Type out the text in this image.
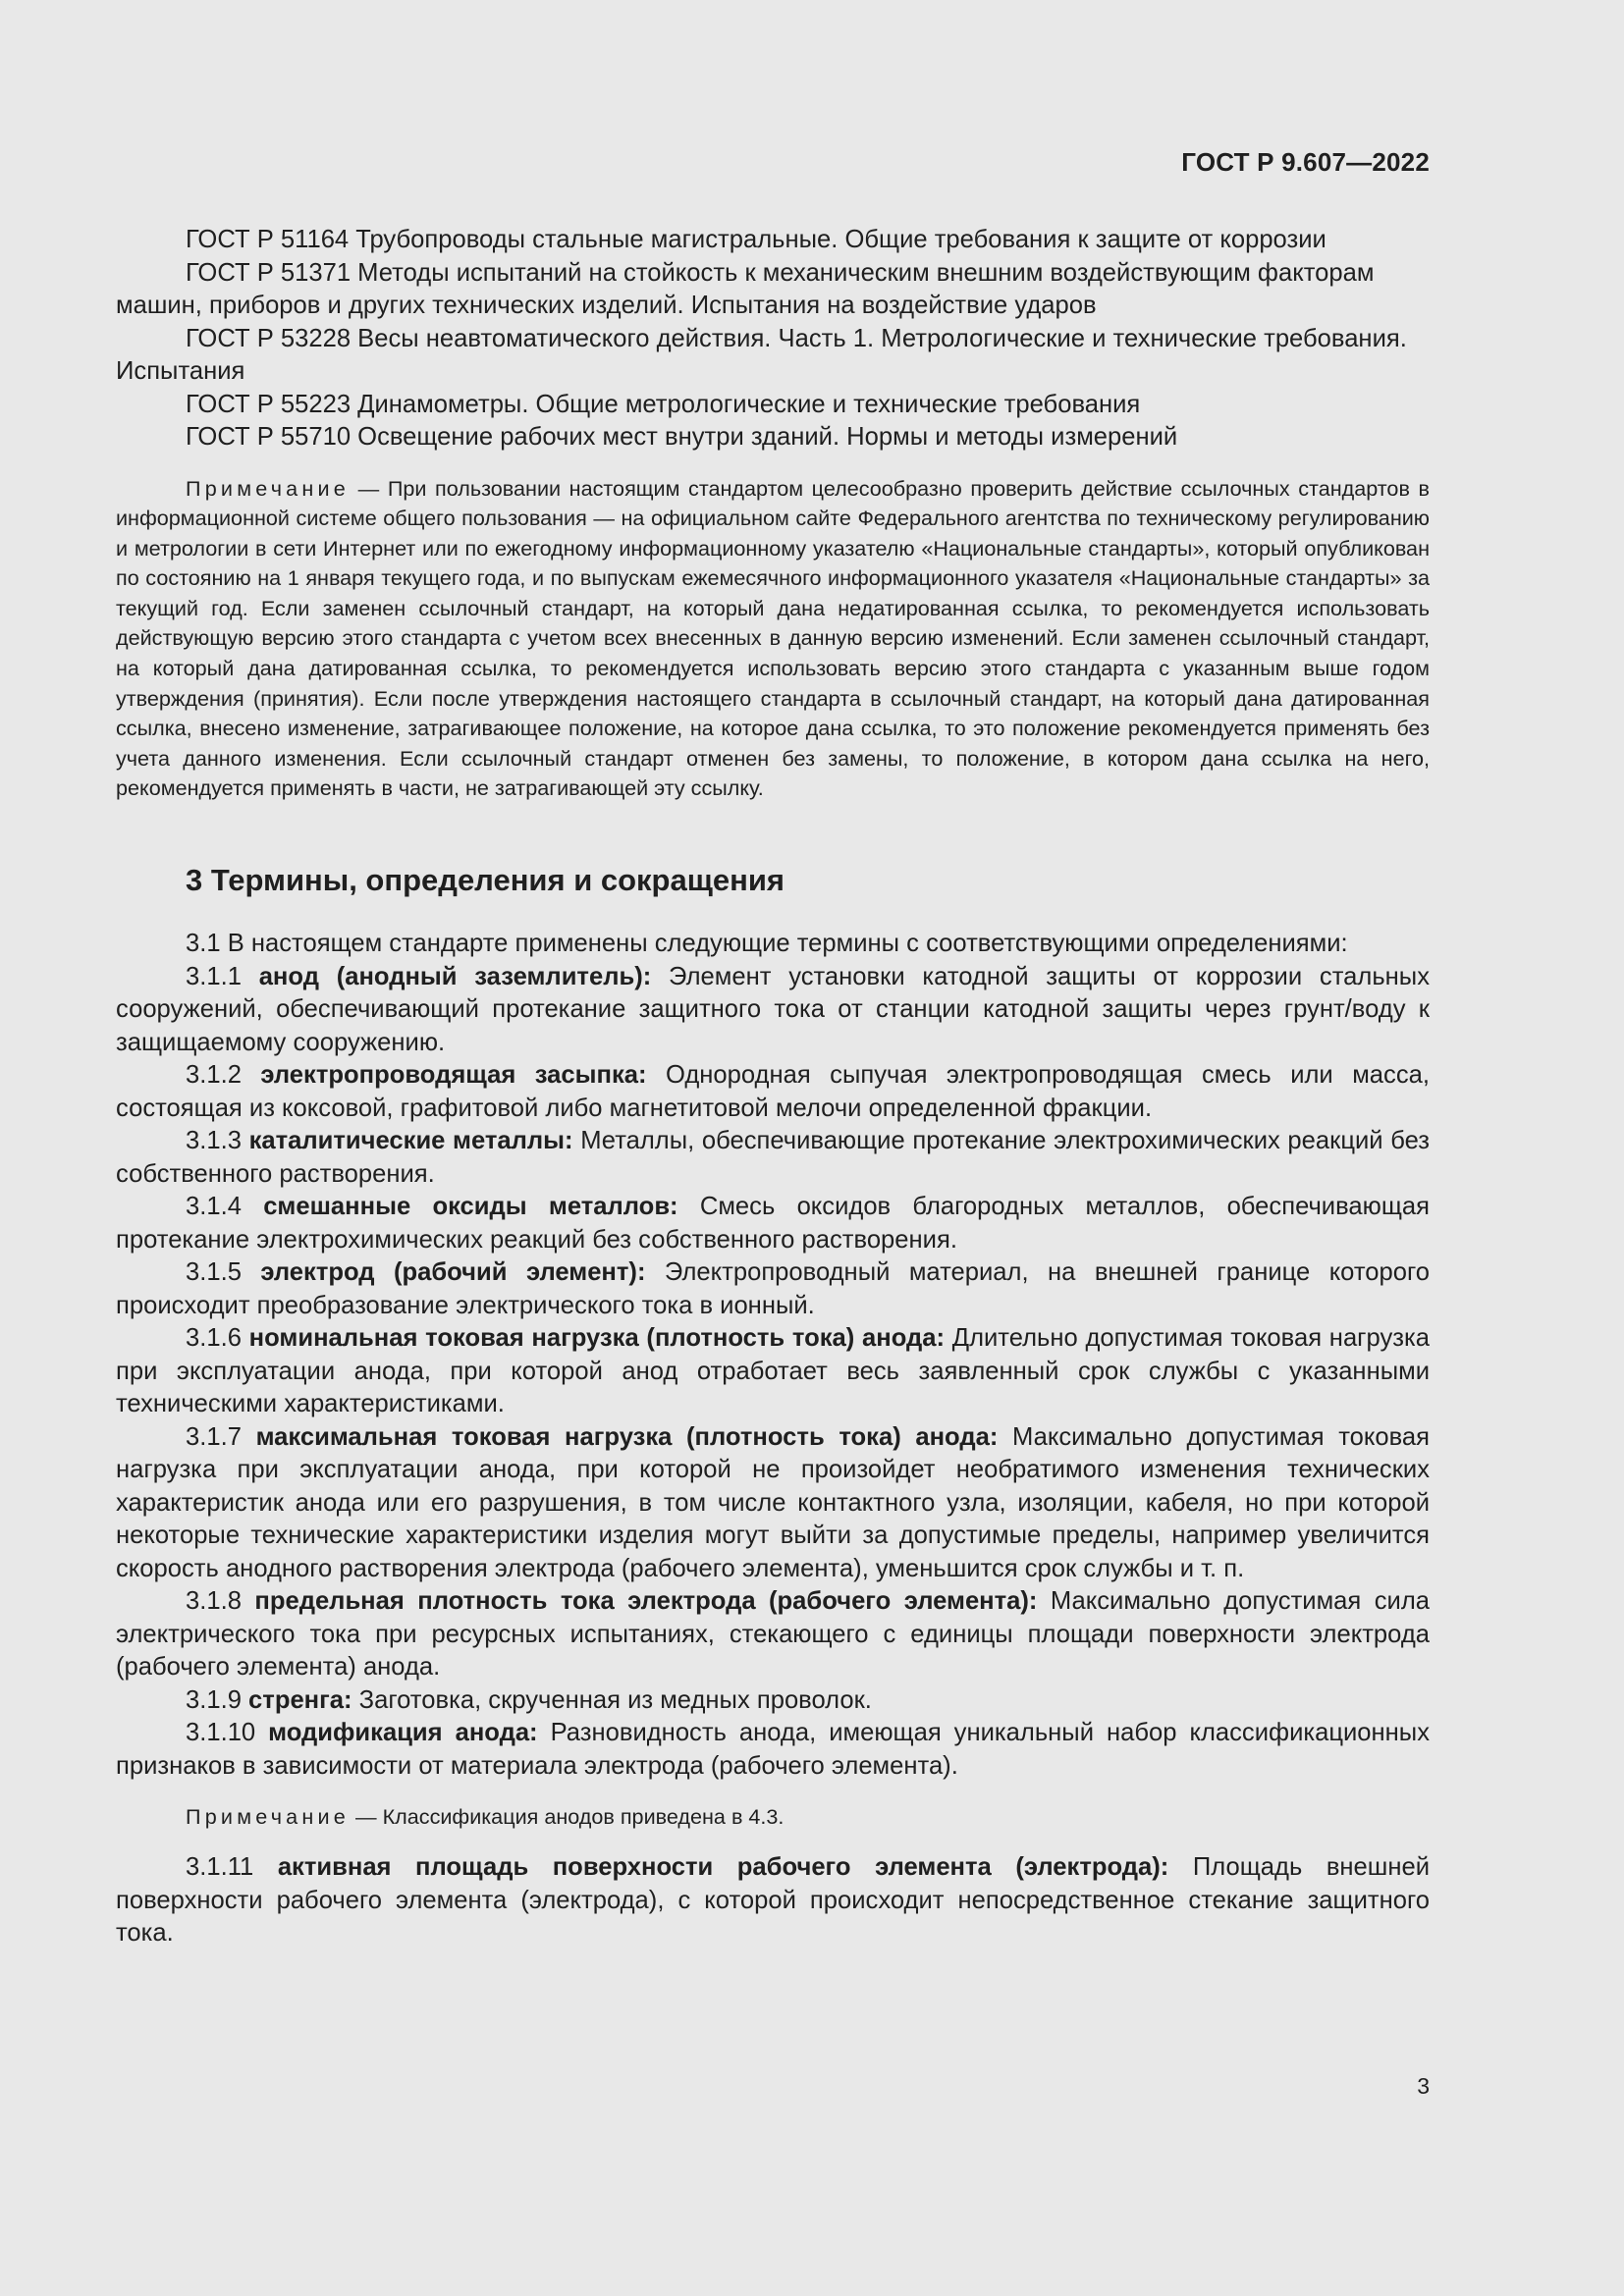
ГОСТ Р 9.607—2022

ГОСТ Р 51164 Трубопроводы стальные магистральные. Общие требования к защите от коррозии

ГОСТ Р 51371 Методы испытаний на стойкость к механическим внешним воздействующим факторам машин, приборов и других технических изделий. Испытания на воздействие ударов

ГОСТ Р 53228 Весы неавтоматического действия. Часть 1. Метрологические и технические требования. Испытания

ГОСТ Р 55223 Динамометры. Общие метрологические и технические требования

ГОСТ Р 55710 Освещение рабочих мест внутри зданий. Нормы и методы измерений

Примечание — При пользовании настоящим стандартом целесообразно проверить действие ссылочных стандартов в информационной системе общего пользования — на официальном сайте Федерального агентства по техническому регулированию и метрологии в сети Интернет или по ежегодному информационному указателю «Национальные стандарты», который опубликован по состоянию на 1 января текущего года, и по выпускам ежемесячного информационного указателя «Национальные стандарты» за текущий год. Если заменен ссылочный стандарт, на который дана недатированная ссылка, то рекомендуется использовать действующую версию этого стандарта с учетом всех внесенных в данную версию изменений. Если заменен ссылочный стандарт, на который дана датированная ссылка, то рекомендуется использовать версию этого стандарта с указанным выше годом утверждения (принятия). Если после утверждения настоящего стандарта в ссылочный стандарт, на который дана датированная ссылка, внесено изменение, затрагивающее положение, на которое дана ссылка, то это положение рекомендуется применять без учета данного изменения. Если ссылочный стандарт отменен без замены, то положение, в котором дана ссылка на него, рекомендуется применять в части, не затрагивающей эту ссылку.

3 Термины, определения и сокращения

3.1 В настоящем стандарте применены следующие термины с соответствующими определениями:

3.1.1 анод (анодный заземлитель): Элемент установки катодной защиты от коррозии стальных сооружений, обеспечивающий протекание защитного тока от станции катодной защиты через грунт/воду к защищаемому сооружению.

3.1.2 электропроводящая засыпка: Однородная сыпучая электропроводящая смесь или масса, состоящая из коксовой, графитовой либо магнетитовой мелочи определенной фракции.

3.1.3 каталитические металлы: Металлы, обеспечивающие протекание электрохимических реакций без собственного растворения.

3.1.4 смешанные оксиды металлов: Смесь оксидов благородных металлов, обеспечивающая протекание электрохимических реакций без собственного растворения.

3.1.5 электрод (рабочий элемент): Электропроводный материал, на внешней границе которого происходит преобразование электрического тока в ионный.

3.1.6 номинальная токовая нагрузка (плотность тока) анода: Длительно допустимая токовая нагрузка при эксплуатации анода, при которой анод отработает весь заявленный срок службы с указанными техническими характеристиками.

3.1.7 максимальная токовая нагрузка (плотность тока) анода: Максимально допустимая токовая нагрузка при эксплуатации анода, при которой не произойдет необратимого изменения технических характеристик анода или его разрушения, в том числе контактного узла, изоляции, кабеля, но при которой некоторые технические характеристики изделия могут выйти за допустимые пределы, например увеличится скорость анодного растворения электрода (рабочего элемента), уменьшится срок службы и т. п.

3.1.8 предельная плотность тока электрода (рабочего элемента): Максимально допустимая сила электрического тока при ресурсных испытаниях, стекающего с единицы площади поверхности электрода (рабочего элемента) анода.

3.1.9 стренга: Заготовка, скрученная из медных проволок.

3.1.10 модификация анода: Разновидность анода, имеющая уникальный набор классификационных признаков в зависимости от материала электрода (рабочего элемента).

Примечание — Классификация анодов приведена в 4.3.

3.1.11 активная площадь поверхности рабочего элемента (электрода): Площадь внешней поверхности рабочего элемента (электрода), с которой происходит непосредственное стекание защитного тока.

3
